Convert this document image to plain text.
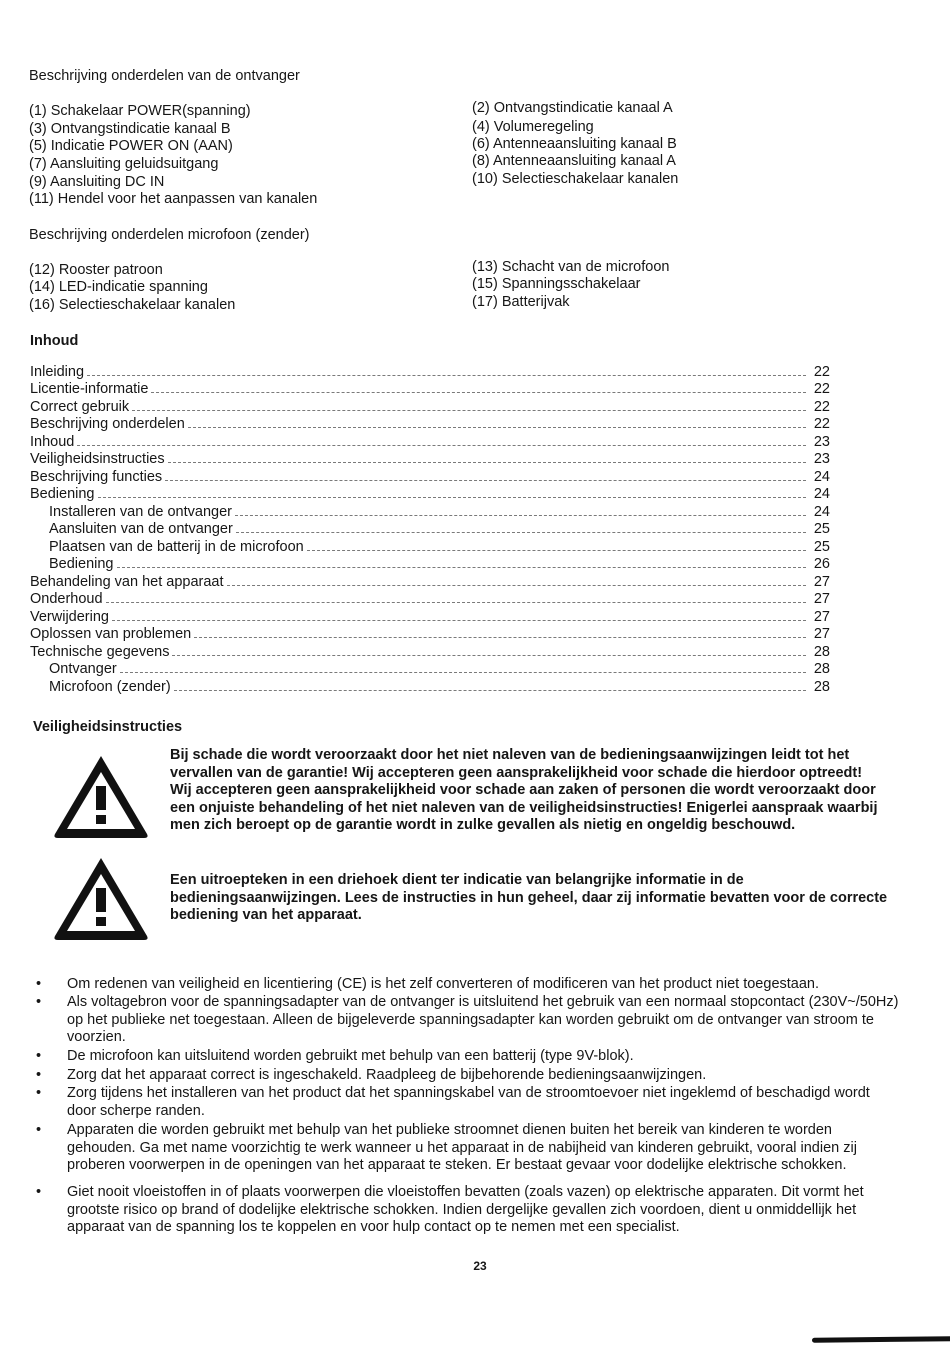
Beschrijving onderdelen van de ontvanger
(1) Schakelaar POWER(spanning)	(2) Ontvangstindicatie kanaal A
(3) Ontvangstindicatie kanaal B	(4) Volumeregeling
(5) Indicatie POWER ON (AAN)	(6) Antenneaansluiting kanaal B
(7) Aansluiting geluidsuitgang	(8) Antenneaansluiting kanaal A
(9) Aansluiting DC IN	(10) Selectieschakelaar kanalen
(11) Hendel voor het aanpassen van kanalen
Beschrijving onderdelen microfoon (zender)
(12) Rooster patroon	(13) Schacht van de microfoon
(14) LED-indicatie spanning	(15) Spanningsschakelaar
(16) Selectieschakelaar kanalen	(17) Batterijvak
Inhoud
Inleiding	22
Licentie-informatie	22
Correct gebruik	22
Beschrijving onderdelen	22
Inhoud	23
Veiligheidsinstructies	23
Beschrijving functies	24
Bediening	24
Installeren van de ontvanger	24
Aansluiten van de ontvanger	25
Plaatsen van de batterij in de microfoon	25
Bediening	26
Behandeling van het apparaat	27
Onderhoud	27
Verwijdering	27
Oplossen van problemen	27
Technische gegevens	28
Ontvanger	28
Microfoon (zender)	28
Veiligheidsinstructies

Bij schade die wordt veroorzaakt door het niet naleven van de bedieningsaanwijzingen leidt tot het vervallen van de garantie! Wij accepteren geen aansprakelijkheid voor schade die hierdoor optreedt!

Wij accepteren geen aansprakelijkheid voor schade aan zaken of personen die wordt veroorzaakt door een onjuiste behandeling of het niet naleven van de veiligheidsinstructies! Enigerlei aanspraak waarbij men zich beroept op de garantie wordt in zulke gevallen als nietig en ongeldig beschouwd.

Een uitroepteken in een driehoek dient ter indicatie van belangrijke informatie in de bedieningsaanwijzingen. Lees de instructies in hun geheel, daar zij informatie bevatten voor de correcte bediening van het apparaat.

• Om redenen van veiligheid en licentiering (CE) is het zelf converteren of modificeren van het product niet toegestaan.
• Als voltagebron voor de spanningsadapter van de ontvanger is uitsluitend het gebruik van een normaal stopcontact (230V~/50Hz) op het publieke net toegestaan. Alleen de bijgeleverde spanningsadapter kan worden gebruikt om de ontvanger van stroom te voorzien.
• De microfoon kan uitsluitend worden gebruikt met behulp van een batterij (type 9V-blok).
• Zorg dat het apparaat correct is ingeschakeld. Raadpleeg de bijbehorende bedieningsaanwijzingen.
• Zorg tijdens het installeren van het product dat het spanningskabel van de stroomtoevoer niet ingeklemd of beschadigd wordt door scherpe randen.
• Apparaten die worden gebruikt met behulp van het publieke stroomnet dienen buiten het bereik van kinderen te worden gehouden. Ga met name voorzichtig te werk wanneer u het apparaat in de nabijheid van kinderen gebruikt, vooral indien zij proberen voorwerpen in de openingen van het apparaat te steken. Er bestaat gevaar voor dodelijke elektrische schokken.
• Giet nooit vloeistoffen in of plaats voorwerpen die vloeistoffen bevatten (zoals vazen) op elektrische apparaten. Dit vormt het grootste risico op brand of dodelijke elektrische schokken. Indien dergelijke gevallen zich voordoen, dient u onmiddellijk het apparaat van de spanning los te koppelen en voor hulp contact op te nemen met een specialist.
23
